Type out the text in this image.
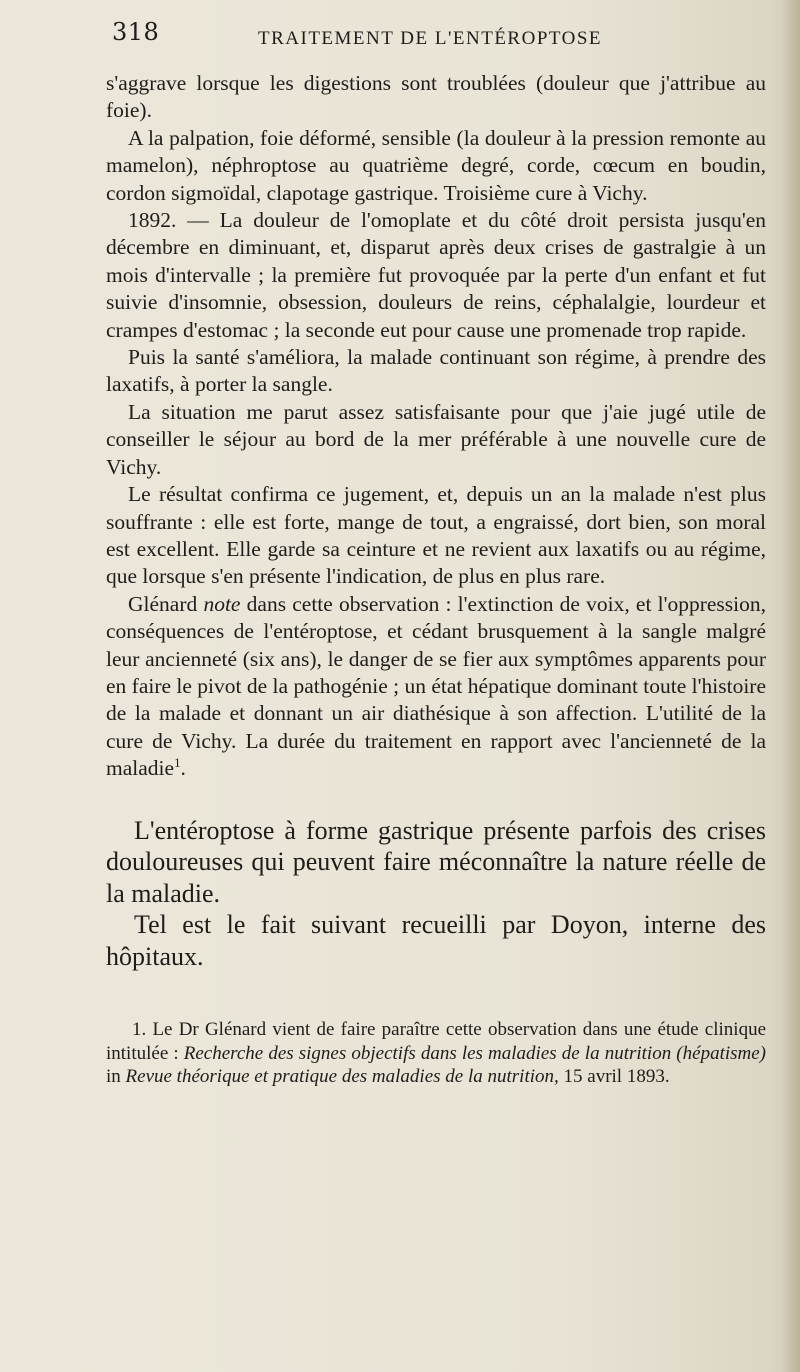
318	TRAITEMENT DE L'ENTÉROPTOSE

s'aggrave lorsque les digestions sont troublées (douleur que j'attribue au foie).

A la palpation, foie déformé, sensible (la douleur à la pression remonte au mamelon), néphroptose au quatrième degré, corde, cœcum en boudin, cordon sigmoïdal, clapotage gastrique. Troisième cure à Vichy.

1892. — La douleur de l'omoplate et du côté droit persista jusqu'en décembre en diminuant, et, disparut après deux crises de gastralgie à un mois d'intervalle ; la première fut provoquée par la perte d'un enfant et fut suivie d'insomnie, obsession, douleurs de reins, céphalalgie, lourdeur et crampes d'estomac ; la seconde eut pour cause une promenade trop rapide.

Puis la santé s'améliora, la malade continuant son régime, à prendre des laxatifs, à porter la sangle.

La situation me parut assez satisfaisante pour que j'aie jugé utile de conseiller le séjour au bord de la mer préférable à une nouvelle cure de Vichy.

Le résultat confirma ce jugement, et, depuis un an la malade n'est plus souffrante : elle est forte, mange de tout, a engraissé, dort bien, son moral est excellent. Elle garde sa ceinture et ne revient aux laxatifs ou au régime, que lorsque s'en présente l'indication, de plus en plus rare.

Glénard note dans cette observation : l'extinction de voix, et l'oppression, conséquences de l'entéroptose, et cédant brusquement à la sangle malgré leur ancienneté (six ans), le danger de se fier aux symptômes apparents pour en faire le pivot de la pathogénie ; un état hépatique dominant toute l'histoire de la malade et donnant un air diathésique à son affection. L'utilité de la cure de Vichy. La durée du traitement en rapport avec l'ancienneté de la maladie$^1$.

L'entéroptose à forme gastrique présente parfois des crises douloureuses qui peuvent faire méconnaître la nature réelle de la maladie.

Tel est le fait suivant recueilli par Doyon, interne des hôpitaux.

1. Le Dr Glénard vient de faire paraître cette observation dans une étude clinique intitulée : Recherche des signes objectifs dans les maladies de la nutrition (hépatisme) in Revue théorique et pratique des maladies de la nutrition, 15 avril 1893.
